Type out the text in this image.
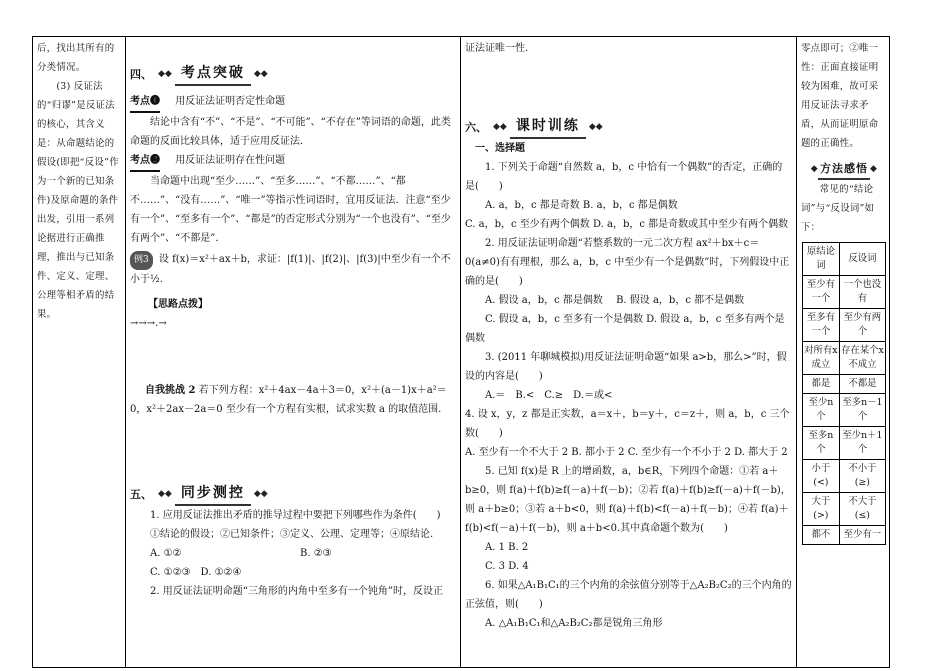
后，找出其所有的分类情况。
　　(3) 反证法的“归谬”是反证法的核心，其含义是：从命题结论的假设(即把“反设”作为一个新的已知条件)及原命题的条件出发，引用一系列论据进行正确推理，推出与已知条件、定义、定理、公理等相矛盾的结果。
四、 ◆◆ 考点突破	◆◆
考点❶ 用反证法证明否定性命题
结论中含有“不”、“不是”、“不可能”、“不存在”等词语的命题，此类命题的反面比较具体，适于应用反证法．
考点❷ 用反证法证明存在性问题
当命题中出现“至少……”、“至多……”、“不都……”、“都不……”、“没有……”、“唯一”等指示性词语时，宜用反证法．注意“至少有一个”、“至多有一个”、“都是”的否定形式分别为“一个也没有”、“至少有两个”、“不都是”．
例3 设 f(x)＝x²＋ax＋b，求证：|f(1)|、|f(2)|、|f(3)|中至少有一个不小于½.
【思路点拨】
→→→.→
自我挑战 2 若下列方程：x²＋4ax－4a＋3＝0，x²＋(a－1)x＋a²＝0，x²＋2ax－2a＝0 至少有一个方程有实根，试求实数 a 的取值范围.
五、 ◆◆ 同步测控	◆◆
1. 应用反证法推出矛盾的推导过程中要把下列哪些作为条件(　　)
①结论的假设；②已知条件；③定义、公理、定理等；④原结论.
A. ①②	B. ②③
C. ①②③　D. ①②④
2. 用反证法证明命题“三角形的内角中至多有一个钝角”时，反设正
证法证唯一性.
六、 ◆◆ 课时训练	◆◆
一、选择题
1. 下列关于命题“自然数 a，b，c 中恰有一个偶数”的否定，正确的是(　　)
A. a，b，c 都是奇数 B. a，b，c 都是偶数
C. a，b，c 至少有两个偶数 D. a，b，c 都是奇数或其中至少有两个偶数
2. 用反证法证明命题“若整系数的一元二次方程 ax²＋bx＋c＝0(a≠0)有有理根，那么 a，b，c 中至少有一个是偶数”时，下列假设中正确的是(　　)
A. 假设 a，b，c 都是偶数　 B. 假设 a，b，c 都不是偶数
C. 假设 a，b，c 至多有一个是偶数 D. 假设 a，b，c 至多有两个是偶数
3. (2011 年聊城模拟)用反证法证明命题“如果 a>b，那么>”时，假设的内容是(　　)
A.＝　B.<　C.≥　D.＝或<
4. 设 x，y，z 都是正实数，a＝x＋，b＝y＋，c＝z＋，则 a，b，c 三个数(　　)
A. 至少有一个不大于 2 B. 都小于 2 C. 至少有一个不小于 2 D. 都大于 2
5. 已知 f(x)是 R 上的增函数，a，b∈R，下列四个命题：①若 a＋b≥0，则 f(a)＋f(b)≥f(－a)＋f(－b)；②若 f(a)＋f(b)≥f(－a)＋f(－b)，则 a＋b≥0；③若 a＋b<0，则 f(a)＋f(b)<f(－a)＋f(－b)；④若 f(a)＋f(b)<f(－a)＋f(－b)，则 a＋b<0.其中真命题个数为(　　)
A. 1 B. 2
C. 3 D. 4
6. 如果△A₁B₁C₁的三个内角的余弦值分别等于△A₂B₂C₂的三个内角的正弦值，则(　　)
A. △A₁B₁C₁和△A₂B₂C₂都是锐角三角形
零点即可；②唯一性：正面直接证明较为困难，故可采用反证法寻求矛盾，从而证明原命题的正确性。
◆ 方法感悟 ◆
常见的“结论词”与“反设词”如下：
原结论词	反设词
至少有一个	一个也没有
至多有一个	至少有两个
对所有x成立	存在某个x不成立
都是	不都是
至少n个	至多n－1个
至多n个	至少n＋1个
小于(<)	不小于(≥)
大于(>)	不大于(≤)
都不	至少有一
